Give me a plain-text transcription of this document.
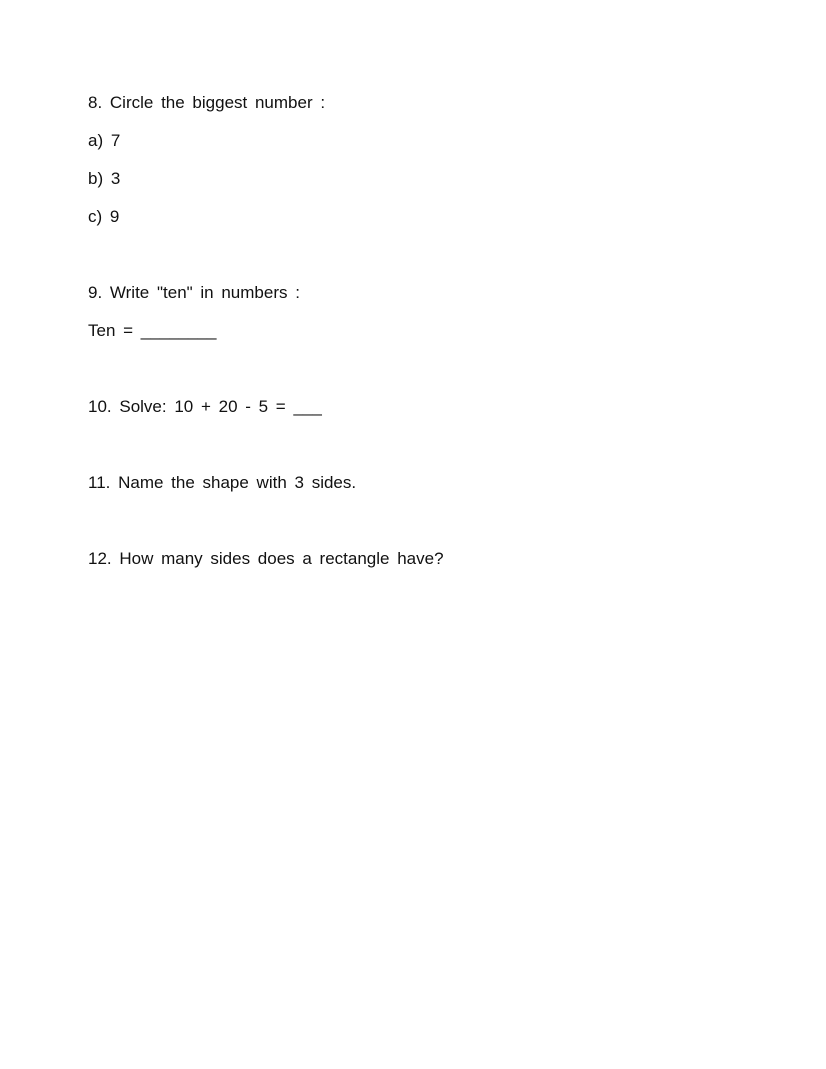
8. Circle the biggest number :
a) 7
b) 3
c) 9
9. Write "ten" in numbers :
Ten = ________
10. Solve: 10 + 20 - 5 = ___
11. Name the shape with 3 sides.
12. How many sides does a rectangle have?
